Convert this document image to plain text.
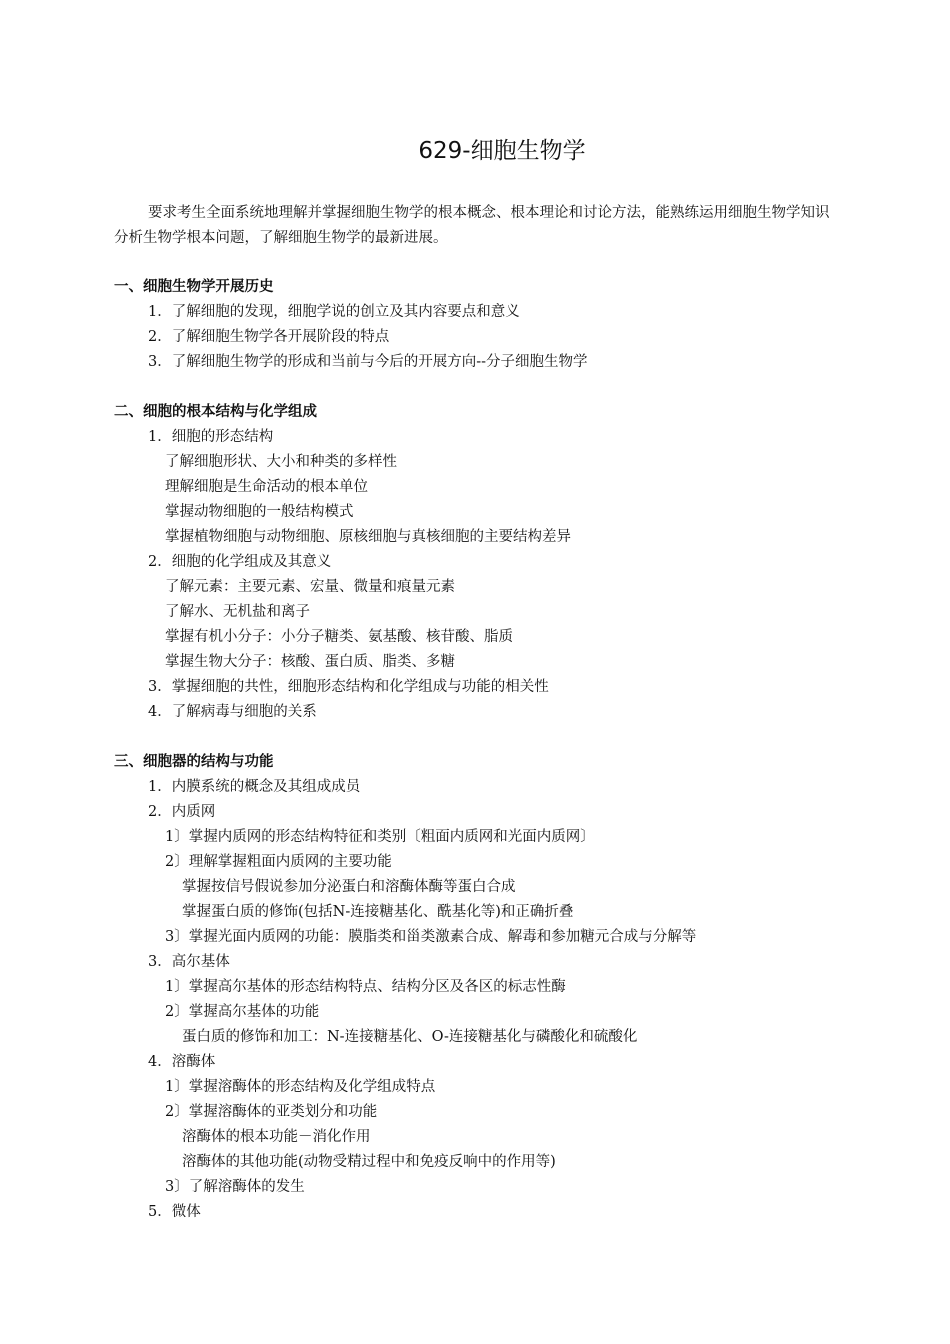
629-细胞生物学

要求考生全面系统地理解并掌握细胞生物学的根本概念、根本理论和讨论方法，能熟练运用细胞生物学知识分析生物学根本问题，了解细胞生物学的最新进展。

一、细胞生物学开展历史
1．了解细胞的发现，细胞学说的创立及其内容要点和意义
2．了解细胞生物学各开展阶段的特点
3．了解细胞生物学的形成和当前与今后的开展方向--分子细胞生物学
二、细胞的根本结构与化学组成
1．细胞的形态结构
了解细胞形状、大小和种类的多样性
理解细胞是生命活动的根本单位
掌握动物细胞的一般结构模式
掌握植物细胞与动物细胞、原核细胞与真核细胞的主要结构差异
2．细胞的化学组成及其意义
了解元素：主要元素、宏量、微量和痕量元素
了解水、无机盐和离子
掌握有机小分子：小分子糖类、氨基酸、核苷酸、脂质
掌握生物大分子：核酸、蛋白质、脂类、多糖
3．掌握细胞的共性，细胞形态结构和化学组成与功能的相关性
4．了解病毒与细胞的关系
三、细胞器的结构与功能
1．内膜系统的概念及其组成成员
2．内质网
1〕掌握内质网的形态结构特征和类别〔粗面内质网和光面内质网〕
2〕理解掌握粗面内质网的主要功能
掌握按信号假说参加分泌蛋白和溶酶体酶等蛋白合成
掌握蛋白质的修饰(包括N-连接糖基化、酰基化等)和正确折叠
3〕掌握光面内质网的功能：膜脂类和甾类激素合成、解毒和参加糖元合成与分解等
3．高尔基体
1〕掌握高尔基体的形态结构特点、结构分区及各区的标志性酶
2〕掌握高尔基体的功能
蛋白质的修饰和加工：N-连接糖基化、O-连接糖基化与磷酸化和硫酸化
4．溶酶体
1〕掌握溶酶体的形态结构及化学组成特点
2〕掌握溶酶体的亚类划分和功能
溶酶体的根本功能－消化作用
溶酶体的其他功能(动物受精过程中和免疫反响中的作用等)
3〕了解溶酶体的发生
5．微体
